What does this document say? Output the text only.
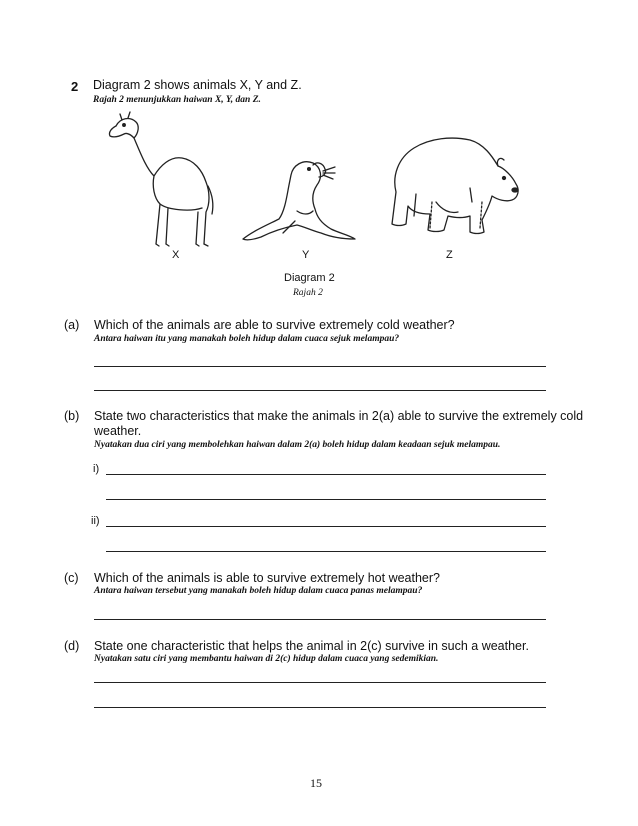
2 Diagram 2 shows animals X, Y and Z.
Rajah 2 menunjukkan haiwan X, Y, dan Z.
X	Y	Z
Diagram 2
Rajah 2
(a) Which of the animals are able to survive extremely cold weather?
Antara haiwan itu yang manakah boleh hidup dalam cuaca sejuk melampau?
(b) State two characteristics that make the animals in 2(a) able to survive the extremely cold
weather.
Nyatakan dua ciri yang membolehkan haiwan dalam 2(a) boleh hidup dalam keadaan sejuk melampau.
i)
ii)
(c) Which of the animals is able to survive extremely hot weather?
Antara haiwan tersebut yang manakah boleh hidup dalam cuaca panas melampau?
(d) State one characteristic that helps the animal in 2(c) survive in such a weather.
Nyatakan satu ciri yang membantu haiwan di 2(c) hidup dalam cuaca yang sedemikian.
15
